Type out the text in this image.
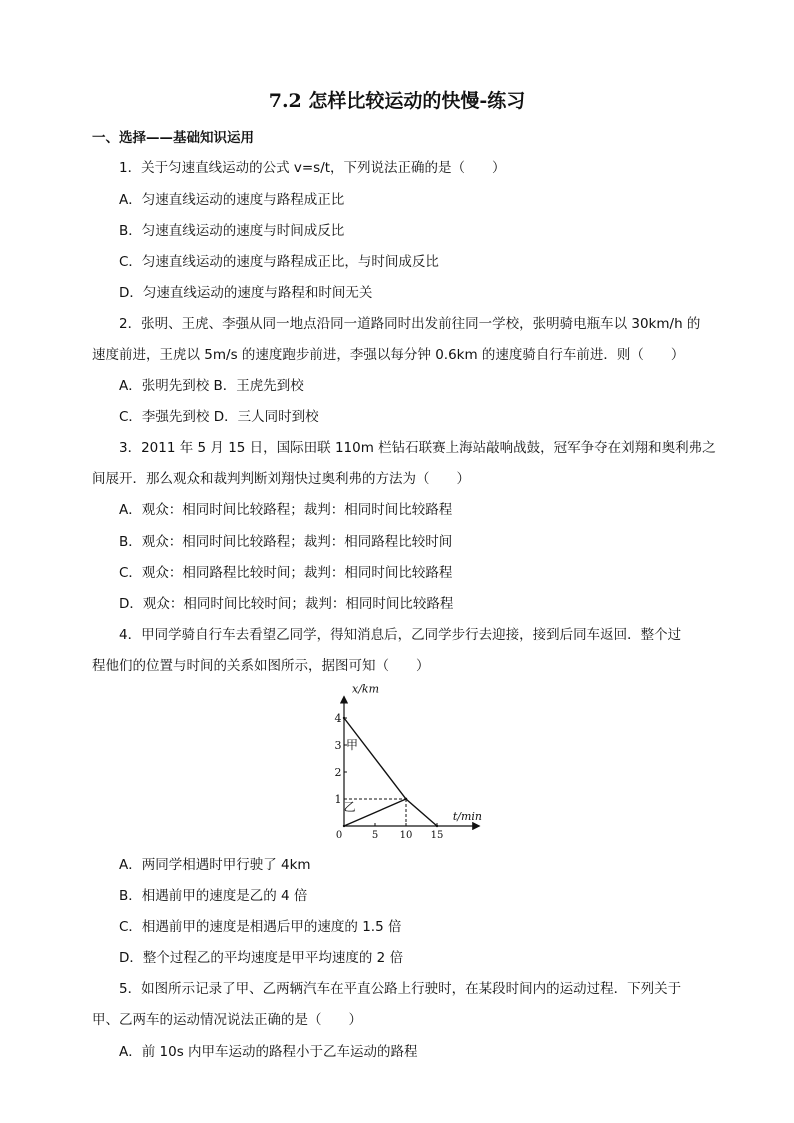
7.2 怎样比较运动的快慢-练习
一、选择——基础知识运用
1．关于匀速直线运动的公式 v=s/t，下列说法正确的是（　　）
A．匀速直线运动的速度与路程成正比
B．匀速直线运动的速度与时间成反比
C．匀速直线运动的速度与路程成正比，与时间成反比
D．匀速直线运动的速度与路程和时间无关
2．张明、王虎、李强从同一地点沿同一道路同时出发前往同一学校，张明骑电瓶车以 30km/h 的
速度前进，王虎以 5m/s 的速度跑步前进，李强以每分钟 0.6km 的速度骑自行车前进．则（　　）
A．张明先到校 B．王虎先到校
C．李强先到校 D．三人同时到校
3．2011 年 5 月 15 日，国际田联 110m 栏钻石联赛上海站敲响战鼓，冠军争夺在刘翔和奥利弗之
间展开．那么观众和裁判判断刘翔快过奥利弗的方法为（　　）
A．观众：相同时间比较路程；裁判：相同时间比较路程
B．观众：相同时间比较路程；裁判：相同路程比较时间
C．观众：相同路程比较时间；裁判：相同时间比较路程
D．观众：相同时间比较时间；裁判：相同时间比较路程
4．甲同学骑自行车去看望乙同学，得知消息后，乙同学步行去迎接，接到后同车返回．整个过
程他们的位置与时间的关系如图所示，据图可知（　　）
x/km
t/min
0	5 10 15
1
2
3
4
甲
乙
A．两同学相遇时甲行驶了 4km
B．相遇前甲的速度是乙的 4 倍
C．相遇前甲的速度是相遇后甲的速度的 1.5 倍
D．整个过程乙的平均速度是甲平均速度的 2 倍
5．如图所示记录了甲、乙两辆汽车在平直公路上行驶时，在某段时间内的运动过程．下列关于
甲、乙两车的运动情况说法正确的是（　　）
A．前 10s 内甲车运动的路程小于乙车运动的路程
